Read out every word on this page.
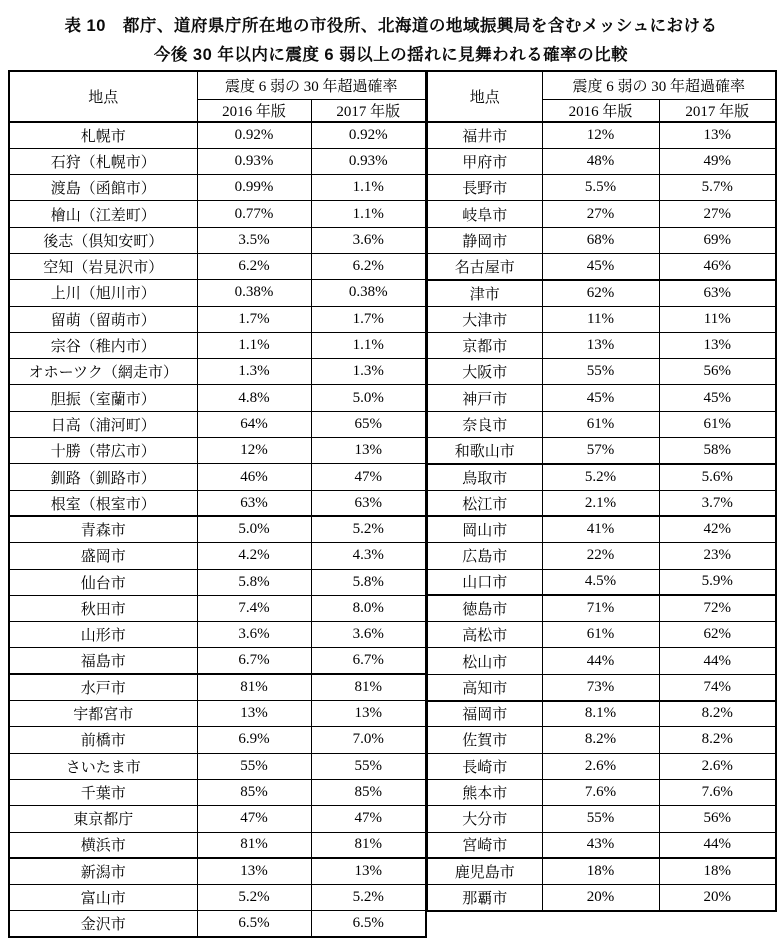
表 10　都庁、道府県庁所在地の市役所、北海道の地域振興局を含むメッシュにおける
今後 30 年以内に震度 6 弱以上の揺れに見舞われる確率の比較
地点	震度 6 弱の 30 年超過確率	
	2016 年版	2017 年版
札幌市	0.92%	0.92%
石狩（札幌市）	0.93%	0.93%
渡島（函館市）	0.99%	1.1%
檜山（江差町）	0.77%	1.1%
後志（倶知安町）	3.5%	3.6%
空知（岩見沢市）	6.2%	6.2%
上川（旭川市）	0.38%	0.38%
留萌（留萌市）	1.7%	1.7%
宗谷（稚内市）	1.1%	1.1%
オホーツク（網走市）	1.3%	1.3%
胆振（室蘭市）	4.8%	5.0%
日高（浦河町）	64%	65%
十勝（帯広市）	12%	13%
釧路（釧路市）	46%	47%
根室（根室市）	63%	63%
青森市	5.0%	5.2%
盛岡市	4.2%	4.3%
仙台市	5.8%	5.8%
秋田市	7.4%	8.0%
山形市	3.6%	3.6%
福島市	6.7%	6.7%
水戸市	81%	81%
宇都宮市	13%	13%
前橋市	6.9%	7.0%
さいたま市	55%	55%
千葉市	85%	85%
東京都庁	47%	47%
横浜市	81%	81%
新潟市	13%	13%
富山市	5.2%	5.2%
金沢市	6.5%	6.5%
地点	震度 6 弱の 30 年超過確率	
	2016 年版	2017 年版
福井市	12%	13%
甲府市	48%	49%
長野市	5.5%	5.7%
岐阜市	27%	27%
静岡市	68%	69%
名古屋市	45%	46%
津市	62%	63%
大津市	11%	11%
京都市	13%	13%
大阪市	55%	56%
神戸市	45%	45%
奈良市	61%	61%
和歌山市	57%	58%
鳥取市	5.2%	5.6%
松江市	2.1%	3.7%
岡山市	41%	42%
広島市	22%	23%
山口市	4.5%	5.9%
徳島市	71%	72%
高松市	61%	62%
松山市	44%	44%
高知市	73%	74%
福岡市	8.1%	8.2%
佐賀市	8.2%	8.2%
長崎市	2.6%	2.6%
熊本市	7.6%	7.6%
大分市	55%	56%
宮崎市	43%	44%
鹿児島市	18%	18%
那覇市	20%	20%
